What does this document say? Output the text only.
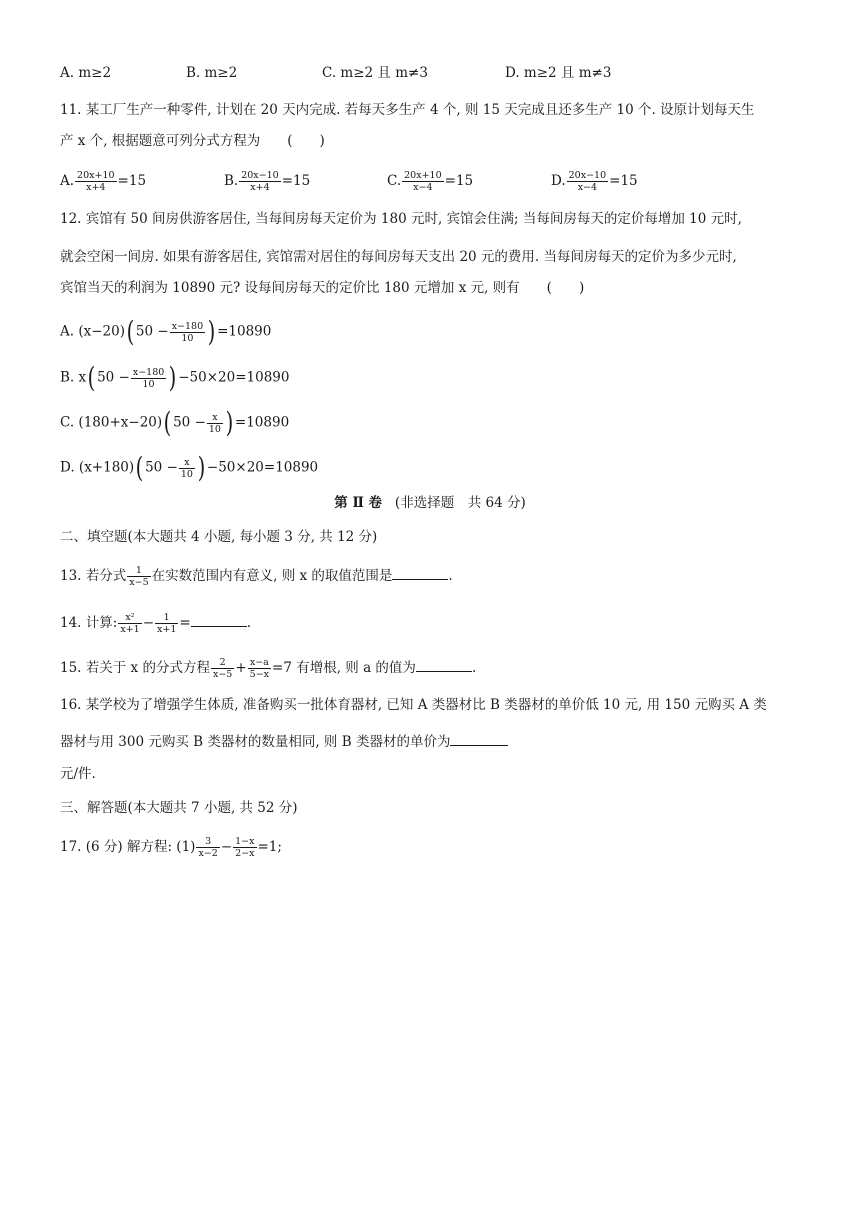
A. m≥2	B. m≥2	C. m≥2 且 m≠3	D. m≥2 且 m≠3
11. 某工厂生产一种零件, 计划在 20 天内完成. 若每天多生产 4 个, 则 15 天完成且还多生产 10 个. 设原计划每天生
产 x 个, 根据题意可列分式方程为　　(　　)
A. $\frac{20x+10}{x+4} =15$	B. $\frac{20x-10}{x+4} =15$	C. $\frac{20x+10}{x-4} =15$	D. $\frac{20x-10}{x-4} =15$
12. 宾馆有 50 间房供游客居住, 当每间房每天定价为 180 元时, 宾馆会住满; 当每间房每天的定价每增加 10 元时,
就会空闲一间房. 如果有游客居住, 宾馆需对居住的每间房每天支出 20 元的费用. 当每间房每天的定价为多少元时,
宾馆当天的利润为 10890 元? 设每间房每天的定价比 180 元增加 x 元, 则有　　(　　)
A. (x−20)( $50 - \frac{x-180}{10}$ ) =10890
B. x( $50 - \frac{x-180}{10}$ ) −50×20=10890
C. (180+x−20)( $50 - \frac{x}{10}$ ) =10890
D. (x+180)( $50 - \frac{x}{10}$ ) −50×20=10890
第 Ⅱ 卷 (非选择题　共 64 分)
二、填空题(本大题共 4 小题, 每小题 3 分, 共 12 分)
13. 若分式 $\frac{1}{x-5}$ 在实数范围内有意义, 则 x 的取值范围是	.
14. 计算: $\frac{\text{x²}}{x+1} - \frac{1}{x+1}$ =	.
15. 若关于 x 的分式方程 $\frac{2}{x-5} + \frac{x-a}{5-x} =7$ 有增根, 则 a 的值为	.
16. 某学校为了增强学生体质, 准备购买一批体育器材, 已知 A 类器材比 B 类器材的单价低 10 元, 用 150 元购买 A 类
器材与用 300 元购买 B 类器材的数量相同, 则 B 类器材的单价为
元/件.
三、解答题(本大题共 7 小题, 共 52 分)
17. (6 分) 解方程: $(1) \frac{3}{x-2} - \frac{1-x}{2-x} =1$;
